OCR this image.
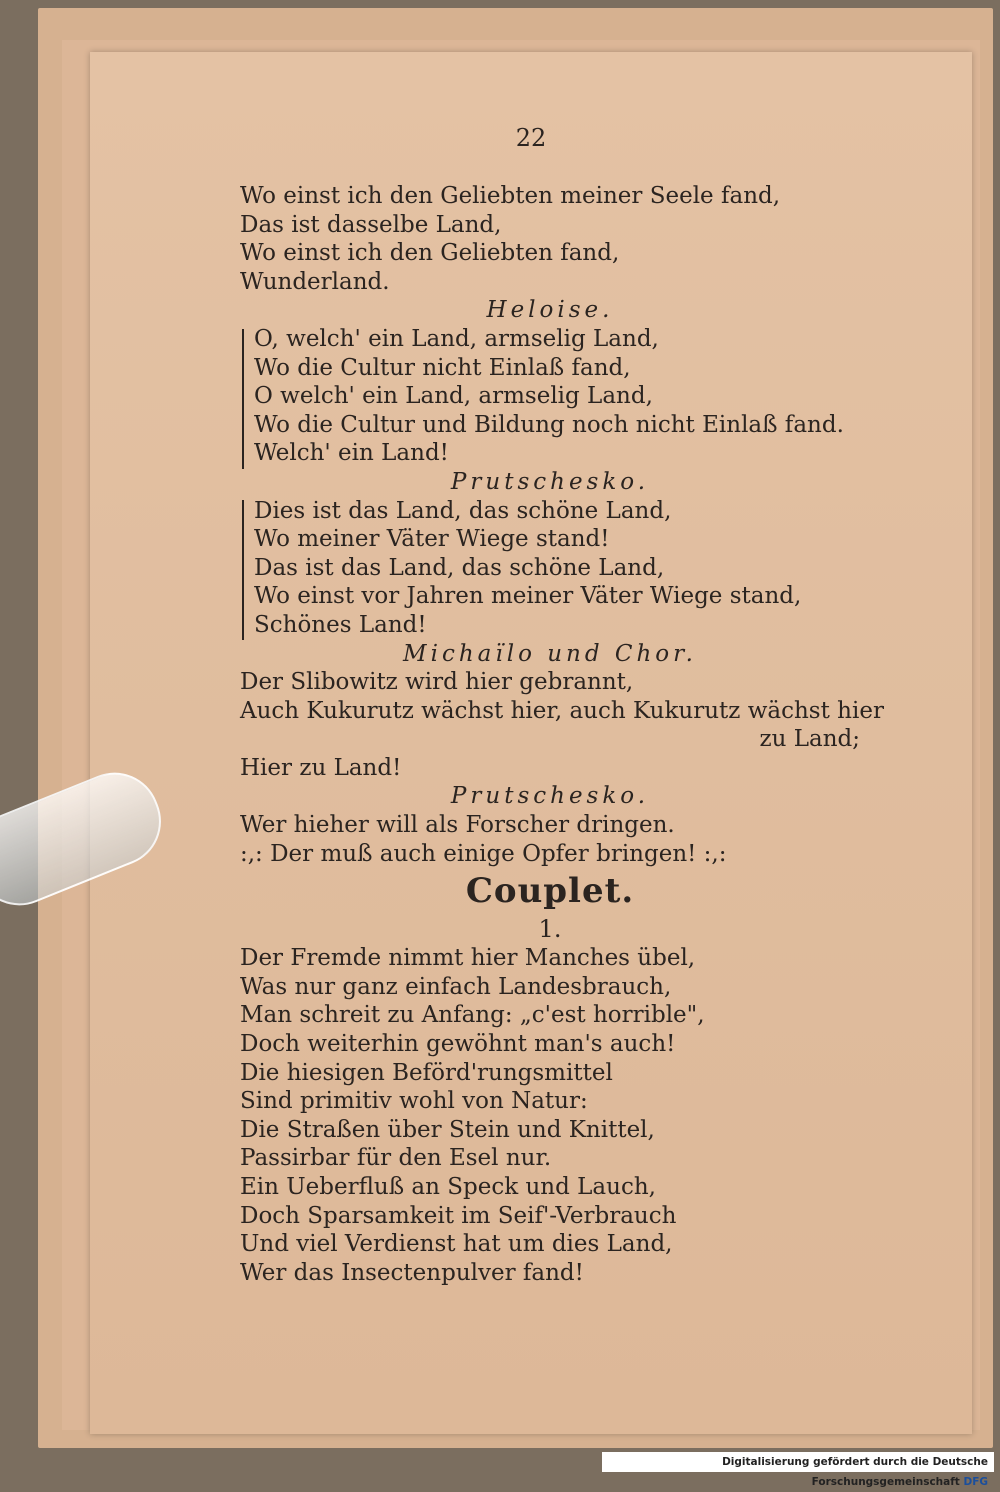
22
Wo einst ich den Geliebten meiner Seele fand,
Das ist dasselbe Land,
Wo einst ich den Geliebten fand,
Wunderland.
Heloise.
O, welch' ein Land, armselig Land,
Wo die Cultur nicht Einlaß fand,
O welch' ein Land, armselig Land,
Wo die Cultur und Bildung noch nicht Einlaß fand.
Welch' ein Land!
Prutschesko.
Dies ist das Land, das schöne Land,
Wo meiner Väter Wiege stand!
Das ist das Land, das schöne Land,
Wo einst vor Jahren meiner Väter Wiege stand,
Schönes Land!
Michaïlo und Chor.
Der Slibowitz wird hier gebrannt,
Auch Kukurutz wächst hier, auch Kukurutz wächst hier
zu Land;
Hier zu Land!
Prutschesko.
Wer hieher will als Forscher dringen.
:,: Der muß auch einige Opfer bringen! :,:
Couplet.
1.
Der Fremde nimmt hier Manches übel,
Was nur ganz einfach Landesbrauch,
Man schreit zu Anfang: „c'est horrible",
Doch weiterhin gewöhnt man's auch!
Die hiesigen Beförd'rungsmittel
Sind primitiv wohl von Natur:
Die Straßen über Stein und Knittel,
Passirbar für den Esel nur.
Ein Ueberfluß an Speck und Lauch,
Doch Sparsamkeit im Seif'-Verbrauch
Und viel Verdienst hat um dies Land,
Wer das Insectenpulver fand!
Digitalisierung gefördert durch die Deutsche Forschungsgemeinschaft DFG
